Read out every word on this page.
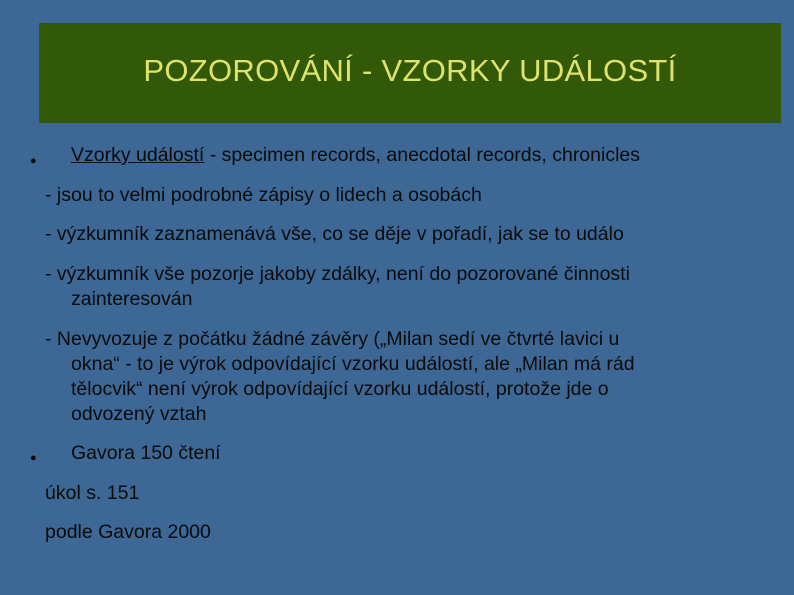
POZOROVÁNÍ - VZORKY UDÁLOSTÍ
● Vzorky událostí - specimen records, anecdotal records, chronicles
- jsou to velmi podrobné zápisy o lidech a osobách
- výzkumník zaznamenává vše, co se děje v pořadí, jak se to událo
- výzkumník vše pozorje jakoby zdálky, není do pozorované činnosti
zainteresován
- Nevyvozuje z počátku žádné závěry („Milan sedí ve čtvrté lavici u
okna“ - to je výrok odpovídající vzorku událostí, ale „Milan má rád
tělocvik“ není výrok odpovídající vzorku událostí, protože jde o
odvozený vztah
● Gavora 150 čtení
úkol s. 151
podle Gavora 2000
